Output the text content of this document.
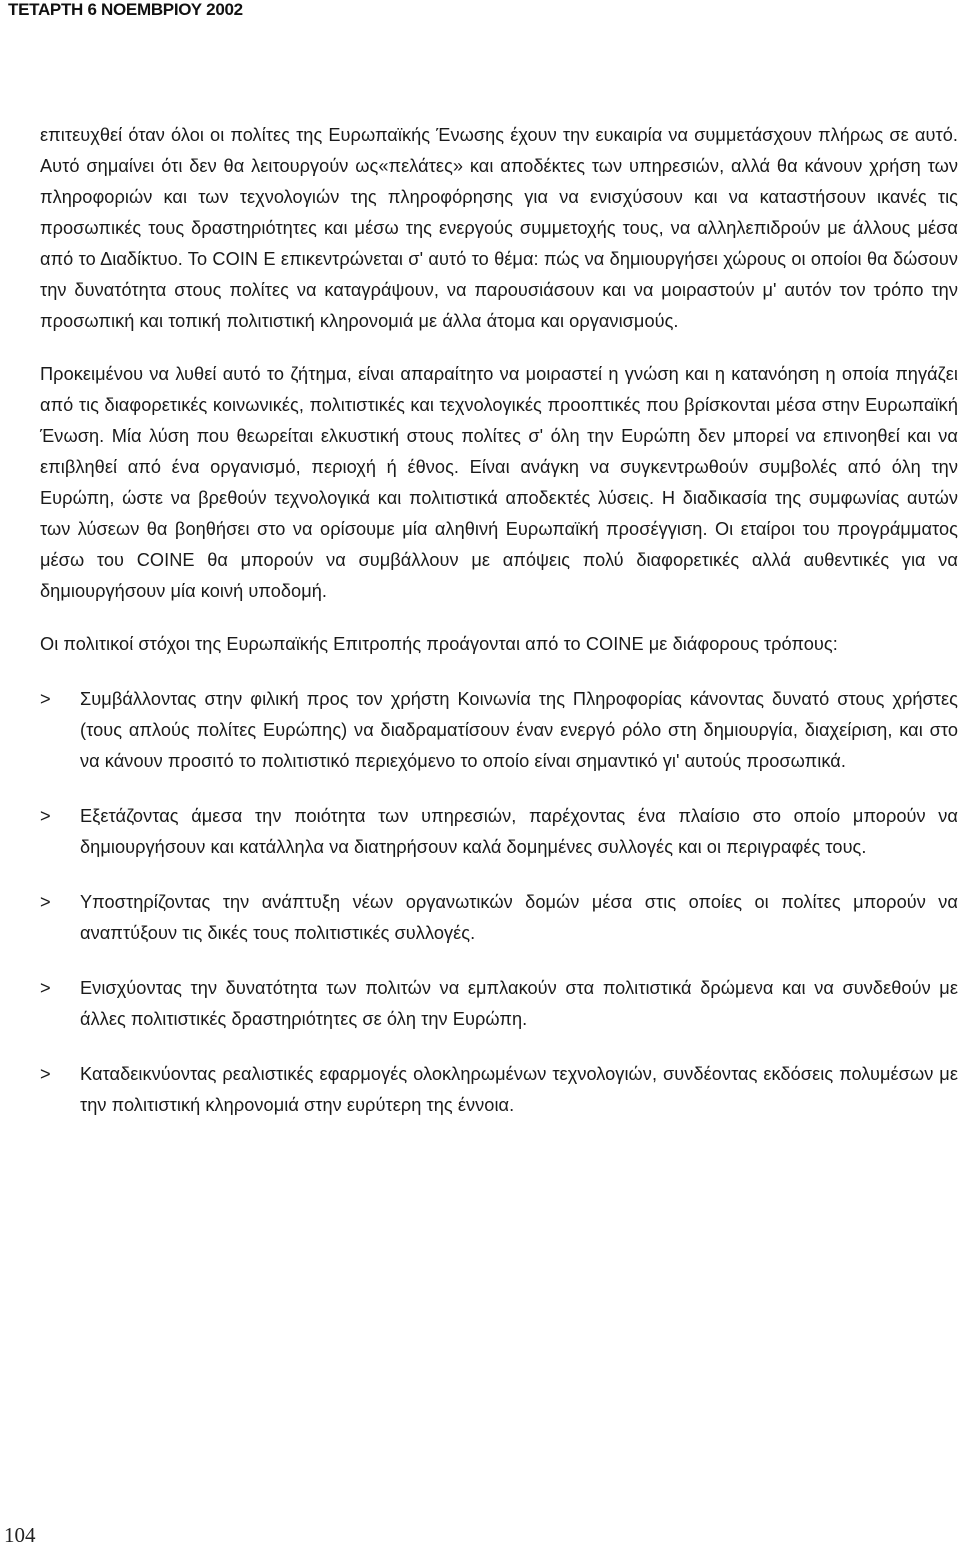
ΤΕΤΑΡΤΗ 6 ΝΟΕΜΒΡΙΟΥ 2002

επιτευχθεί όταν όλοι οι πολίτες της Ευρωπαϊκής Ένωσης έχουν την ευκαιρία να συμμετάσχουν πλήρως σε αυτό. Αυτό σημαίνει ότι δεν θα λειτουργούν ως«πελάτες» και αποδέκτες των υπηρεσιών, αλλά θα κάνουν χρήση των πληροφοριών και των τεχνολογιών της πληροφόρησης για να ενισχύσουν και να καταστήσουν ικανές τις προσωπικές τους δραστηριότητες και μέσω της ενεργούς συμμετοχής τους, να αλληλεπιδρούν με άλλους μέσα από το Διαδίκτυο. Το COIN E επικεντρώνεται σ' αυτό το θέμα: πώς να δημιουργήσει χώρους οι οποίοι θα δώσουν την δυνατότητα στους πολίτες να καταγράψουν, να παρουσιάσουν και να μοιραστούν μ' αυτόν τον τρόπο την προσωπική και τοπική πολιτιστική κληρονομιά με άλλα άτομα και οργανισμούς.

Προκειμένου να λυθεί αυτό το ζήτημα, είναι απαραίτητο να μοιραστεί η γνώση και η κατανόηση η οποία πηγάζει από τις διαφορετικές κοινωνικές, πολιτιστικές και τεχνολογικές προοπτικές που βρίσκονται μέσα στην Ευρωπαϊκή Ένωση. Μία λύση που θεωρείται ελκυστική στους πολίτες σ' όλη την Ευρώπη δεν μπορεί να επινοηθεί και να επιβληθεί από ένα οργανισμό, περιοχή ή έθνος. Είναι ανάγκη να συγκεντρωθούν συμβολές από όλη την Ευρώπη, ώστε να βρεθούν τεχνολογικά και πολιτιστικά αποδεκτές λύσεις. Η διαδικασία της συμφωνίας αυτών των λύσεων θα βοηθήσει στο να ορίσουμε μία αληθινή Ευρωπαϊκή προσέγγιση. Οι εταίροι του προγράμματος μέσω του COINE θα μπορούν να συμβάλλουν με απόψεις πολύ διαφορετικές αλλά αυθεντικές για να δημιουργήσουν μία κοινή υποδομή.

Οι πολιτικοί στόχοι της Ευρωπαϊκής Επιτροπής προάγονται από το COINE με διάφορους τρόπους:

> Συμβάλλοντας στην φιλική προς τον χρήστη Κοινωνία της Πληροφορίας κάνοντας δυνατό στους χρήστες (τους απλούς πολίτες Ευρώπης) να διαδραματίσουν έναν ενεργό ρόλο στη δημιουργία, διαχείριση, και στο να κάνουν προσιτό το πολιτιστικό περιεχόμενο το οποίο είναι σημαντικό γι' αυτούς προσωπικά.
> Εξετάζοντας άμεσα την ποιότητα των υπηρεσιών, παρέχοντας ένα πλαίσιο στο οποίο μπορούν να δημιουργήσουν και κατάλληλα να διατηρήσουν καλά δομημένες συλλογές και οι περιγραφές τους.
> Υποστηρίζοντας την ανάπτυξη νέων οργανωτικών δομών μέσα στις οποίες οι πολίτες μπορούν να αναπτύξουν τις δικές τους πολιτιστικές συλλογές.
> Ενισχύοντας την δυνατότητα των πολιτών να εμπλακούν στα πολιτιστικά δρώμενα και να συνδεθούν με άλλες πολιτιστικές δραστηριότητες σε όλη την Ευρώπη.
> Καταδεικνύοντας ρεαλιστικές εφαρμογές ολοκληρωμένων τεχνολογιών, συνδέοντας εκδόσεις πολυμέσων με την πολιτιστική κληρονομιά στην ευρύτερη της έννοια.
104
